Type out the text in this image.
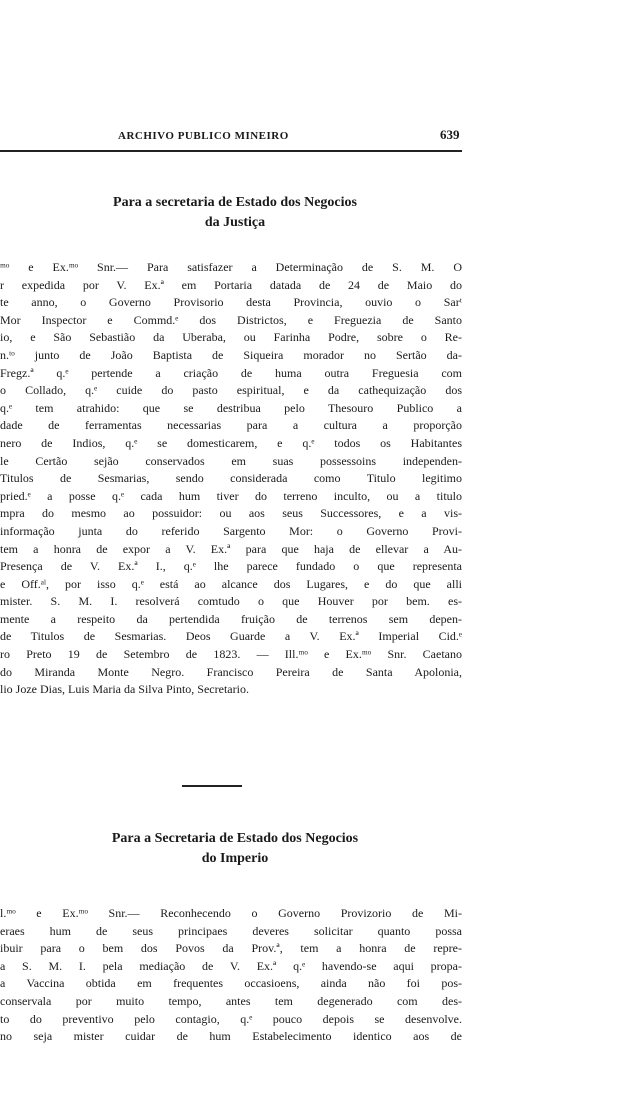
ARCHIVO PUBLICO MINEIRO	639
Para a secretaria de Estado dos Negocios
da Justiça
ᵐᵒ e Ex.ᵐᵒ Snr.— Para satisfazer a Determinação de S. M. O
r expedida por V. Ex.ª em Portaria datada de 24 de Maio do
te anno, o Governo Provisorio desta Provincia, ouvio o Sarᵗ
Mor Inspector e Commd.ᵉ dos Districtos, e Freguezia de Santo
io, e São Sebastião da Uberaba, ou Farinha Podre, sobre o Re-
n.ᵗᵒ junto de João Baptista de Siqueira morador no Sertão da-
Fregz.ª q.ᵉ pertende a criação de huma outra Freguesia com
o Collado, q.ᵉ cuide do pasto espiritual, e da cathequização dos
q.ᵉ tem atrahido: que se destribua pelo Thesouro Publico a
dade de ferramentas necessarias para a cultura a proporção
nero de Indios, q.ᵉ se domesticarem, e q.ᵉ todos os Habitantes
le Certão sejão conservados em suas possessoins independen-
Titulos de Sesmarias, sendo considerada como Titulo legitimo
pried.ᵉ a posse q.ᵉ cada hum tiver do terreno inculto, ou a titulo
mpra do mesmo ao possuidor: ou aos seus Successores, e a vis-
informação junta do referido Sargento Mor: o Governo Provi-
tem a honra de expor a V. Ex.ª para que haja de ellevar a Au-
Presença de V. Ex.ª I., q.ᵉ lhe parece fundado o que representa
e Off.ᵃˡ, por isso q.ᵉ está ao alcance dos Lugares, e do que alli
mister. S. M. I. resolverá comtudo o que Houver por bem. es-
mente a respeito da pertendida fruição de terrenos sem depen-
de Titulos de Sesmarias. Deos Guarde a V. Ex.ª Imperial Cid.ᵉ
ro Preto 19 de Setembro de 1823. — Ill.ᵐᵒ e Ex.ᵐᵒ Snr. Caetano
do Miranda Monte Negro. Francisco Pereira de Santa Apolonia,
lio Joze Dias, Luis Maria da Silva Pinto, Secretario.
Para a Secretaria de Estado dos Negocios
do Imperio
l.ᵐᵒ e Ex.ᵐᵒ Snr.— Reconhecendo o Governo Provizorio de Mi-
eraes hum de seus principaes deveres solicitar quanto possa
ibuir para o bem dos Povos da Prov.ª, tem a honra de repre-
a S. M. I. pela mediação de V. Ex.ª q.ᵉ havendo-se aqui propa-
a Vaccina obtida em frequentes occasioens, ainda não foi pos-
conservala por muito tempo, antes tem degenerado com des-
to do preventivo pelo contagio, q.ᵉ pouco depois se desenvolve.
no seja mister cuidar de hum Estabelecimento identico aos de
